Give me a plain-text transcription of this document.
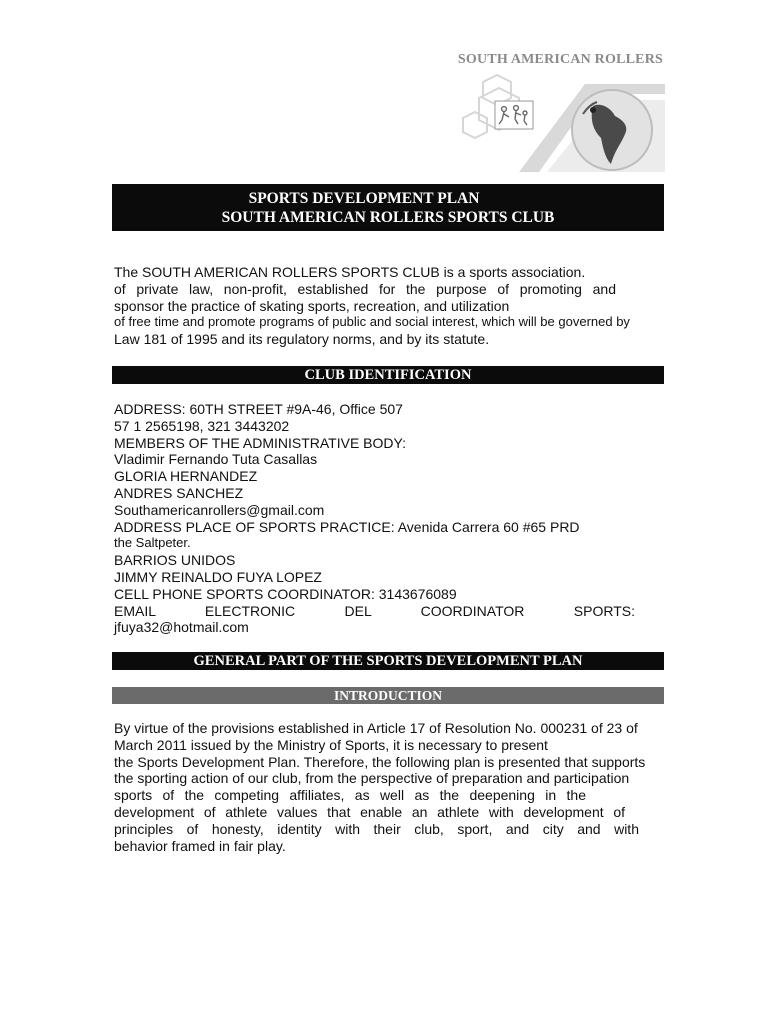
SOUTH AMERICAN ROLLERS
SPORTS DEVELOPMENT PLAN
SOUTH AMERICAN ROLLERS SPORTS CLUB
The SOUTH AMERICAN ROLLERS SPORTS CLUB is a sports association.
of private law, non-profit, established for the purpose of promoting and
sponsor the practice of skating sports, recreation, and utilization
of free time and promote programs of public and social interest, which will be governed by
Law 181 of 1995 and its regulatory norms, and by its statute.
CLUB IDENTIFICATION
ADDRESS: 60TH STREET #9A-46, Office 507
57 1 2565198, 321 3443202
MEMBERS OF THE ADMINISTRATIVE BODY:
Vladimir Fernando Tuta Casallas
GLORIA HERNANDEZ
ANDRES SANCHEZ
Southamericanrollers@gmail.com
ADDRESS PLACE OF SPORTS PRACTICE: Avenida Carrera 60 #65 PRD
the Saltpeter.
BARRIOS UNIDOS
JIMMY REINALDO FUYA LOPEZ
CELL PHONE SPORTS COORDINATOR: 3143676089
EMAIL ELECTRONIC DEL COORDINATOR SPORTS:
jfuya32@hotmail.com
GENERAL PART OF THE SPORTS DEVELOPMENT PLAN
INTRODUCTION
By virtue of the provisions established in Article 17 of Resolution No. 000231 of 23 of
March 2011 issued by the Ministry of Sports, it is necessary to present
the Sports Development Plan. Therefore, the following plan is presented that supports
the sporting action of our club, from the perspective of preparation and participation
sports of the competing affiliates, as well as the deepening in the
development of athlete values that enable an athlete with development of
principles of honesty, identity with their club, sport, and city and with
behavior framed in fair play.
